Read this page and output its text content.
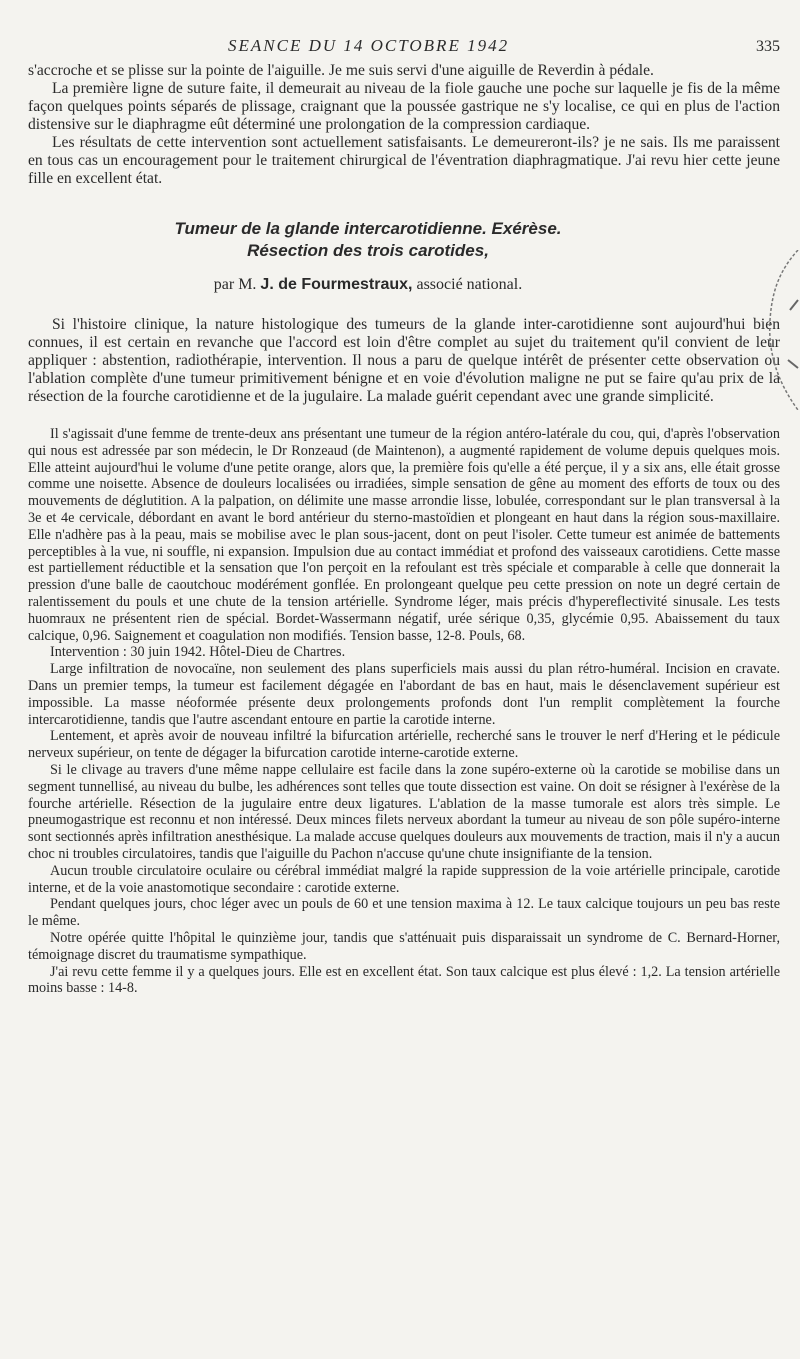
SEANCE DU 14 OCTOBRE 1942	335

s'accroche et se plisse sur la pointe de l'aiguille. Je me suis servi d'une aiguille de Reverdin à pédale.

La première ligne de suture faite, il demeurait au niveau de la fiole gauche une poche sur laquelle je fis de la même façon quelques points séparés de plissage, craignant que la poussée gastrique ne s'y localise, ce qui en plus de l'action distensive sur le diaphragme eût déterminé une prolongation de la compression cardiaque.

Les résultats de cette intervention sont actuellement satisfaisants. Le demeureront-ils? je ne sais. Ils me paraissent en tous cas un encouragement pour le traitement chirurgical de l'éventration diaphragmatique. J'ai revu hier cette jeune fille en excellent état.

Tumeur de la glande intercarotidienne. Exérèse.
Résection des trois carotides,
par M. J. de Fourmestraux, associé national.

Si l'histoire clinique, la nature histologique des tumeurs de la glande inter-carotidienne sont aujourd'hui bien connues, il est certain en revanche que l'accord est loin d'être complet au sujet du traitement qu'il convient de leur appliquer : abstention, radiothérapie, intervention. Il nous a paru de quelque intérêt de présenter cette observation ou l'ablation complète d'une tumeur primitivement bénigne et en voie d'évolution maligne ne put se faire qu'au prix de la résection de la fourche carotidienne et de la jugulaire. La malade guérit cependant avec une grande simplicité.

Il s'agissait d'une femme de trente-deux ans présentant une tumeur de la région antéro-latérale du cou, qui, d'après l'observation qui nous est adressée par son médecin, le Dr Ronzeaud (de Maintenon), a augmenté rapidement de volume depuis quelques mois. Elle atteint aujourd'hui le volume d'une petite orange, alors que, la première fois qu'elle a été perçue, il y a six ans, elle était grosse comme une noisette. Absence de douleurs localisées ou irradiées, simple sensation de gêne au moment des efforts de toux ou des mouvements de déglutition. A la palpation, on délimite une masse arrondie lisse, lobulée, correspondant sur le plan transversal à la 3e et 4e cervicale, débordant en avant le bord antérieur du sterno-mastoïdien et plongeant en haut dans la région sous-maxillaire. Elle n'adhère pas à la peau, mais se mobilise avec le plan sous-jacent, dont on peut l'isoler. Cette tumeur est animée de battements perceptibles à la vue, ni souffle, ni expansion. Impulsion due au contact immédiat et profond des vaisseaux carotidiens. Cette masse est partiellement réductible et la sensation que l'on perçoit en la refoulant est très spéciale et comparable à celle que donnerait la pression d'une balle de caoutchouc modérément gonflée. En prolongeant quelque peu cette pression on note un degré certain de ralentissement du pouls et une chute de la tension artérielle. Syndrome léger, mais précis d'hypereflectivité sinusale. Les tests huomraux ne présentent rien de spécial. Bordet-Wassermann négatif, urée sérique 0,35, glycémie 0,95. Abaissement du taux calcique, 0,96. Saignement et coagulation non modifiés. Tension basse, 12-8. Pouls, 68.

Intervention : 30 juin 1942. Hôtel-Dieu de Chartres.

Large infiltration de novocaïne, non seulement des plans superficiels mais aussi du plan rétro-huméral. Incision en cravate. Dans un premier temps, la tumeur est facilement dégagée en l'abordant de bas en haut, mais le désenclavement supérieur est impossible. La masse néoformée présente deux prolongements profonds dont l'un remplit complètement la fourche intercarotidienne, tandis que l'autre ascendant entoure en partie la carotide interne.

Lentement, et après avoir de nouveau infiltré la bifurcation artérielle, recherché sans le trouver le nerf d'Hering et le pédicule nerveux supérieur, on tente de dégager la bifurcation carotide interne-carotide externe.

Si le clivage au travers d'une même nappe cellulaire est facile dans la zone supéro-externe où la carotide se mobilise dans un segment tunnellisé, au niveau du bulbe, les adhérences sont telles que toute dissection est vaine. On doit se résigner à l'exérèse de la fourche artérielle. Résection de la jugulaire entre deux ligatures. L'ablation de la masse tumorale est alors très simple. Le pneumogastrique est reconnu et non intéressé. Deux minces filets nerveux abordant la tumeur au niveau de son pôle supéro-interne sont sectionnés après infiltration anesthésique. La malade accuse quelques douleurs aux mouvements de traction, mais il n'y a aucun choc ni troubles circulatoires, tandis que l'aiguille du Pachon n'accuse qu'une chute insignifiante de la tension.

Aucun trouble circulatoire oculaire ou cérébral immédiat malgré la rapide suppression de la voie artérielle principale, carotide interne, et de la voie anastomotique secondaire : carotide externe.

Pendant quelques jours, choc léger avec un pouls de 60 et une tension maxima à 12. Le taux calcique toujours un peu bas reste le même.

Notre opérée quitte l'hôpital le quinzième jour, tandis que s'atténuait puis disparaissait un syndrome de C. Bernard-Horner, témoignage discret du traumatisme sympathique.

J'ai revu cette femme il y a quelques jours. Elle est en excellent état. Son taux calcique est plus élevé : 1,2. La tension artérielle moins basse : 14-8.
